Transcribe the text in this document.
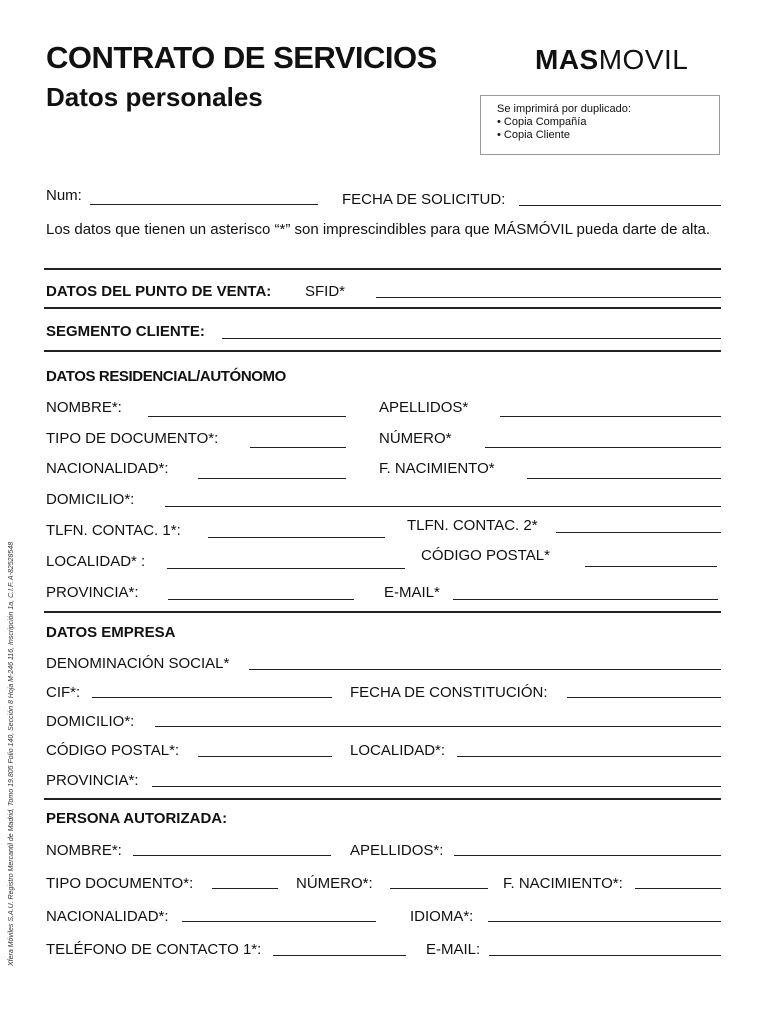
CONTRATO DE SERVICIOS
Datos personales
MASMOVIL
Se imprimirá por duplicado:
• Copia Compañía
• Copia Cliente
Num:	FECHA DE SOLICITUD:
Los datos que tienen un asterisco “*” son imprescindibles para que MÁSMÓVIL pueda darte de alta.
DATOS DEL PUNTO DE VENTA: SFID*
SEGMENTO CLIENTE:
DATOS RESIDENCIAL/AUTÓNOMO
NOMBRE*:	APELLIDOS*
TIPO DE DOCUMENTO*:	NÚMERO*
NACIONALIDAD*:	F. NACIMIENTO*
DOMICILIO*:
TLFN. CONTAC. 1*:	TLFN. CONTAC. 2*
LOCALIDAD* :	CÓDIGO POSTAL*
PROVINCIA*:	E-MAIL*
DATOS EMPRESA
DENOMINACIÓN SOCIAL*
CIF*:	FECHA DE CONSTITUCIÓN:
DOMICILIO*:
CÓDIGO POSTAL*:	LOCALIDAD*:
PROVINCIA*:
PERSONA AUTORIZADA:
NOMBRE*:	APELLIDOS*:
TIPO DOCUMENTO*:	NÚMERO*:	F. NACIMIENTO*:
NACIONALIDAD*:	IDIOMA*:
TELÉFONO DE CONTACTO 1*:	E-MAIL:
Xfera Móviles S.A.U. Registro Mercantil de Madrid, Tomo 19.805 Folio 140, Sección 8 Hoja M-246 116, Inscripción 1a, C.I.F. A-82528548
